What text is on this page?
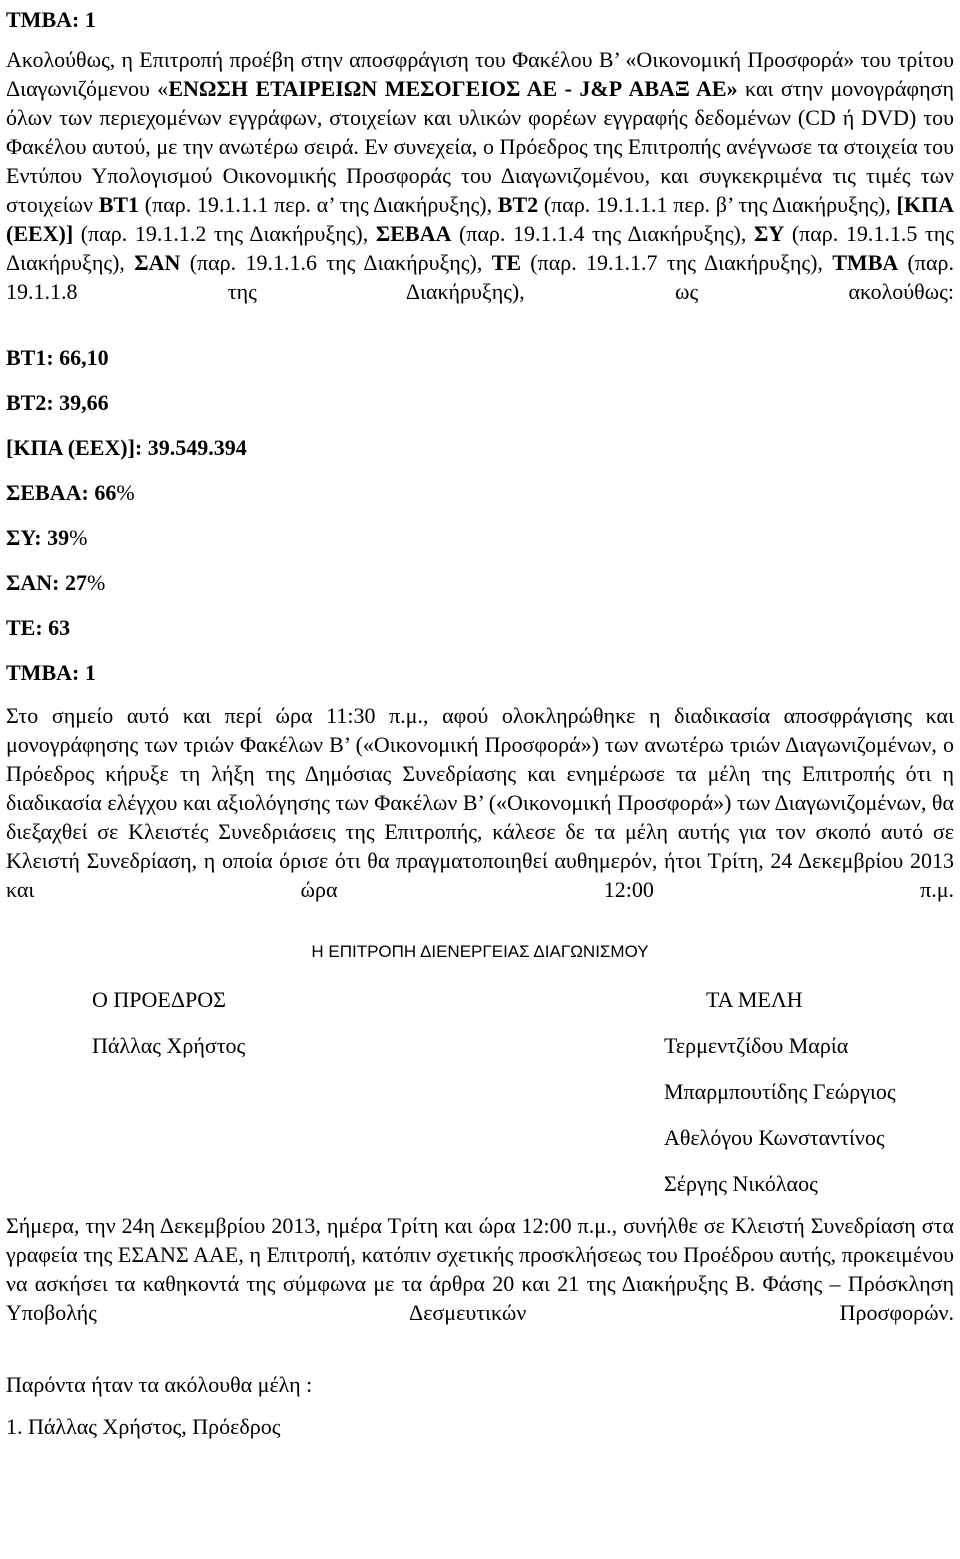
ΤΜΒΑ: 1

Ακολούθως, η Επιτροπή προέβη στην αποσφράγιση του Φακέλου Β’ «Οικονομική Προσφορά» του τρίτου Διαγωνιζόμενου «ΕΝΩΣΗ ΕΤΑΙΡΕΙΩΝ ΜΕΣΟΓΕΙΟΣ ΑΕ - J&P ΑΒΑΞ ΑΕ» και στην μονογράφηση όλων των περιεχομένων εγγράφων, στοιχείων και υλικών φορέων εγγραφής δεδομένων (CD ή DVD) του Φακέλου αυτού, με την ανωτέρω σειρά. Εν συνεχεία, ο Πρόεδρος της Επιτροπής ανέγνωσε τα στοιχεία του Εντύπου Υπολογισμού Οικονομικής Προσφοράς του Διαγωνιζομένου, και συγκεκριμένα τις τιμές των στοιχείων ΒΤ1 (παρ. 19.1.1.1 περ. α’ της Διακήρυξης), ΒΤ2 (παρ. 19.1.1.1 περ. β’ της Διακήρυξης), [ΚΠΑ (ΕΕΧ)] (παρ. 19.1.1.2 της Διακήρυξης), ΣΕΒΑΑ (παρ. 19.1.1.4 της Διακήρυξης), ΣΥ (παρ. 19.1.1.5 της Διακήρυξης), ΣΑΝ (παρ. 19.1.1.6 της Διακήρυξης), ΤΕ (παρ. 19.1.1.7 της Διακήρυξης), ΤΜΒΑ (παρ. 19.1.1.8 της Διακήρυξης), ως ακολούθως:

ΒΤ1: 66,10
ΒΤ2: 39,66
[ΚΠΑ (ΕΕΧ)]: 39.549.394
ΣΕΒΑΑ: 66%
ΣΥ: 39%
ΣΑΝ: 27%
ΤΕ: 63
ΤΜΒΑ: 1

Στο σημείο αυτό και περί ώρα 11:30 π.μ., αφού ολοκληρώθηκε η διαδικασία αποσφράγισης και μονογράφησης των τριών Φακέλων Β’ («Οικονομική Προσφορά») των ανωτέρω τριών Διαγωνιζομένων, ο Πρόεδρος κήρυξε τη λήξη της Δημόσιας Συνεδρίασης και ενημέρωσε τα μέλη της Επιτροπής ότι η διαδικασία ελέγχου και αξιολόγησης των Φακέλων Β’ («Οικονομική Προσφορά») των Διαγωνιζομένων, θα διεξαχθεί σε Κλειστές Συνεδριάσεις της Επιτροπής, κάλεσε δε τα μέλη αυτής για τον σκοπό αυτό σε Κλειστή Συνεδρίαση, η οποία όρισε ότι θα πραγματοποιηθεί αυθημερόν, ήτοι Τρίτη, 24 Δεκεμβρίου 2013 και ώρα 12:00 π.μ.

Η ΕΠΙΤΡΟΠΗ ΔΙΕΝΕΡΓΕΙΑΣ ΔΙΑΓΩΝΙΣΜΟΥ
Ο ΠΡΟΕΔΡΟΣ
Πάλλας Χρήστος
ΤΑ ΜΕΛΗ
Τερμεντζίδου Μαρία
Μπαρμπουτίδης Γεώργιος
Αθελόγου Κωνσταντίνος
Σέργης Νικόλαος

Σήμερα, την 24η Δεκεμβρίου 2013, ημέρα Τρίτη και ώρα 12:00 π.μ., συνήλθε σε Κλειστή Συνεδρίαση στα γραφεία της ΕΣΑΝΣ ΑΑΕ, η Επιτροπή, κατόπιν σχετικής προσκλήσεως του Προέδρου αυτής, προκειμένου να ασκήσει τα καθηκοντά της σύμφωνα με τα άρθρα 20 και 21 της Διακήρυξης Β. Φάσης – Πρόσκληση Υποβολής Δεσμευτικών Προσφορών.

Παρόντα ήταν τα ακόλουθα μέλη :
1. Πάλλας Χρήστος, Πρόεδρος
